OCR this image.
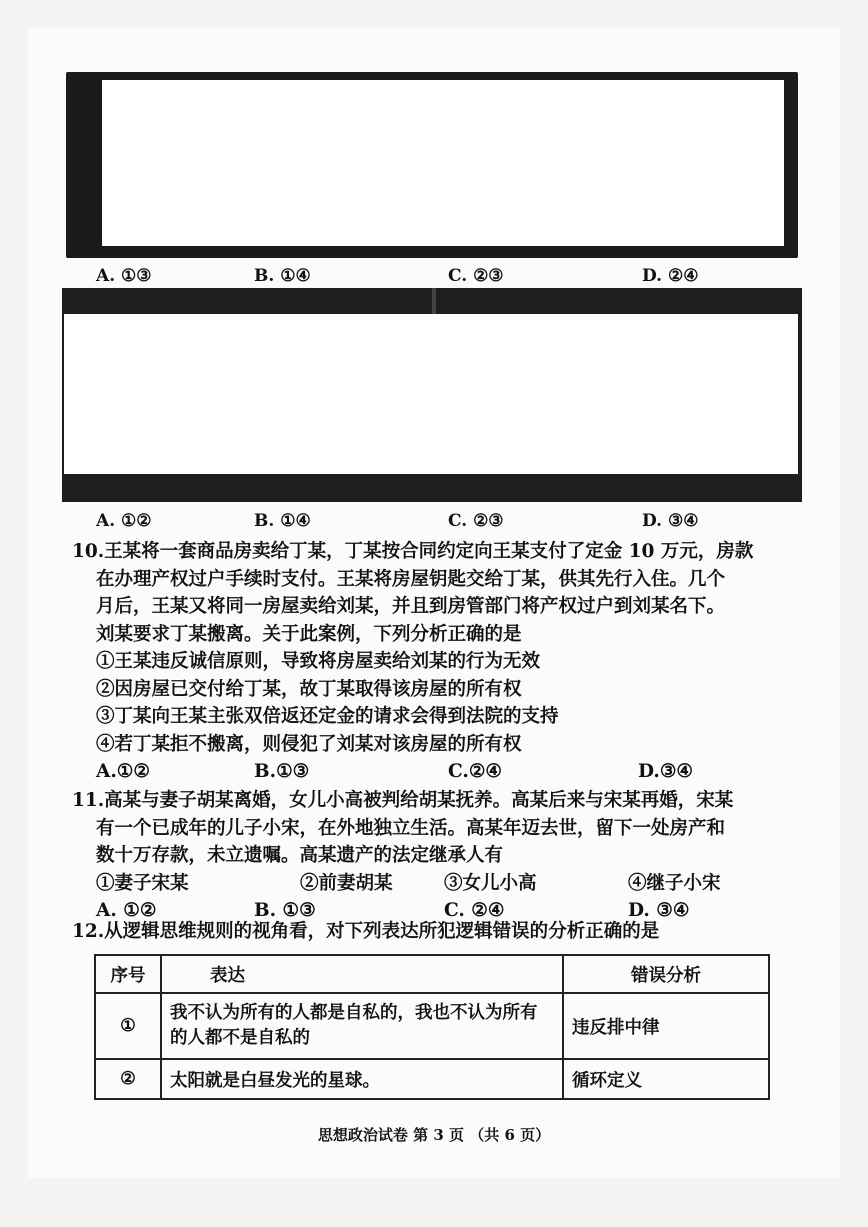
A. ①③	B. ①④	C. ②③	D. ②④
A. ①②	B. ①④	C. ②③	D. ③④

10.王某将一套商品房卖给丁某，丁某按合同约定向王某支付了定金 10 万元，房款

在办理产权过户手续时支付。王某将房屋钥匙交给丁某，供其先行入住。几个

月后，王某又将同一房屋卖给刘某，并且到房管部门将产权过户到刘某名下。

刘某要求丁某搬离。关于此案例，下列分析正确的是

①王某违反诚信原则，导致将房屋卖给刘某的行为无效

②因房屋已交付给丁某，故丁某取得该房屋的所有权

③丁某向王某主张双倍返还定金的请求会得到法院的支持

④若丁某拒不搬离，则侵犯了刘某对该房屋的所有权

A.①②	B.①③	C.②④	D.③④

11.高某与妻子胡某离婚，女儿小高被判给胡某抚养。高某后来与宋某再婚，宋某

有一个已成年的儿子小宋，在外地独立生活。高某年迈去世，留下一处房产和

数十万存款，未立遗嘱。高某遗产的法定继承人有

①妻子宋某	②前妻胡某	③女儿小高	④继子小宋
A. ①②	B. ①③	C. ②④	D. ③④

12.从逻辑思维规则的视角看，对下列表达所犯逻辑错误的分析正确的是

序号	表达	错误分析
①	我不认为所有的人都是自私的，我也不认为所有的人都不是自私的	违反排中律
②	太阳就是白昼发光的星球。	循环定义
思想政治试卷 第 3 页 （共 6 页）
